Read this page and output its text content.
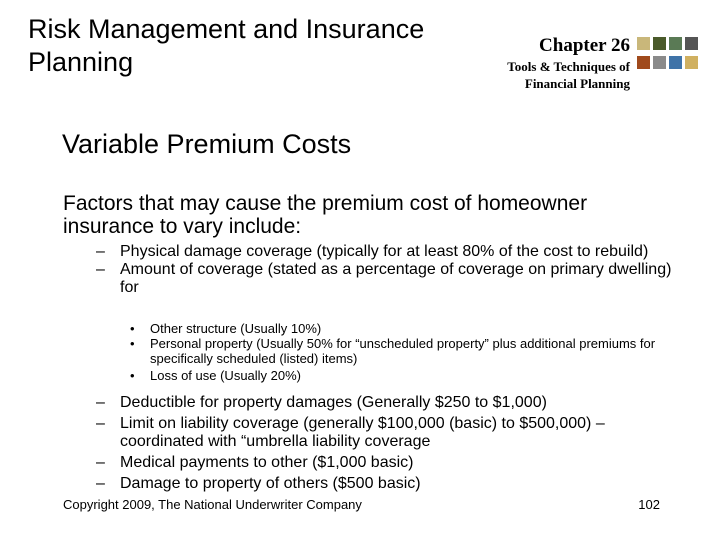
Risk Management and Insurance Planning
Chapter 26
Tools & Techniques of
Financial Planning
Variable Premium Costs
Factors that may cause the premium cost of homeowner insurance to vary include:
– Physical damage coverage (typically for at least 80% of the cost to rebuild)
– Amount of coverage (stated as a percentage of coverage on primary dwelling) for
• Other structure (Usually 10%)
• Personal property (Usually 50% for “unscheduled property” plus additional premiums for specifically scheduled (listed) items)
• Loss of use (Usually 20%)
– Deductible for property damages (Generally $250 to $1,000)
– Limit on liability coverage (generally $100,000 (basic) to $500,000) – coordinated with “umbrella liability coverage
– Medical payments to other ($1,000 basic)
– Damage to property of others ($500 basic)
Copyright 2009, The National Underwriter Company	102
